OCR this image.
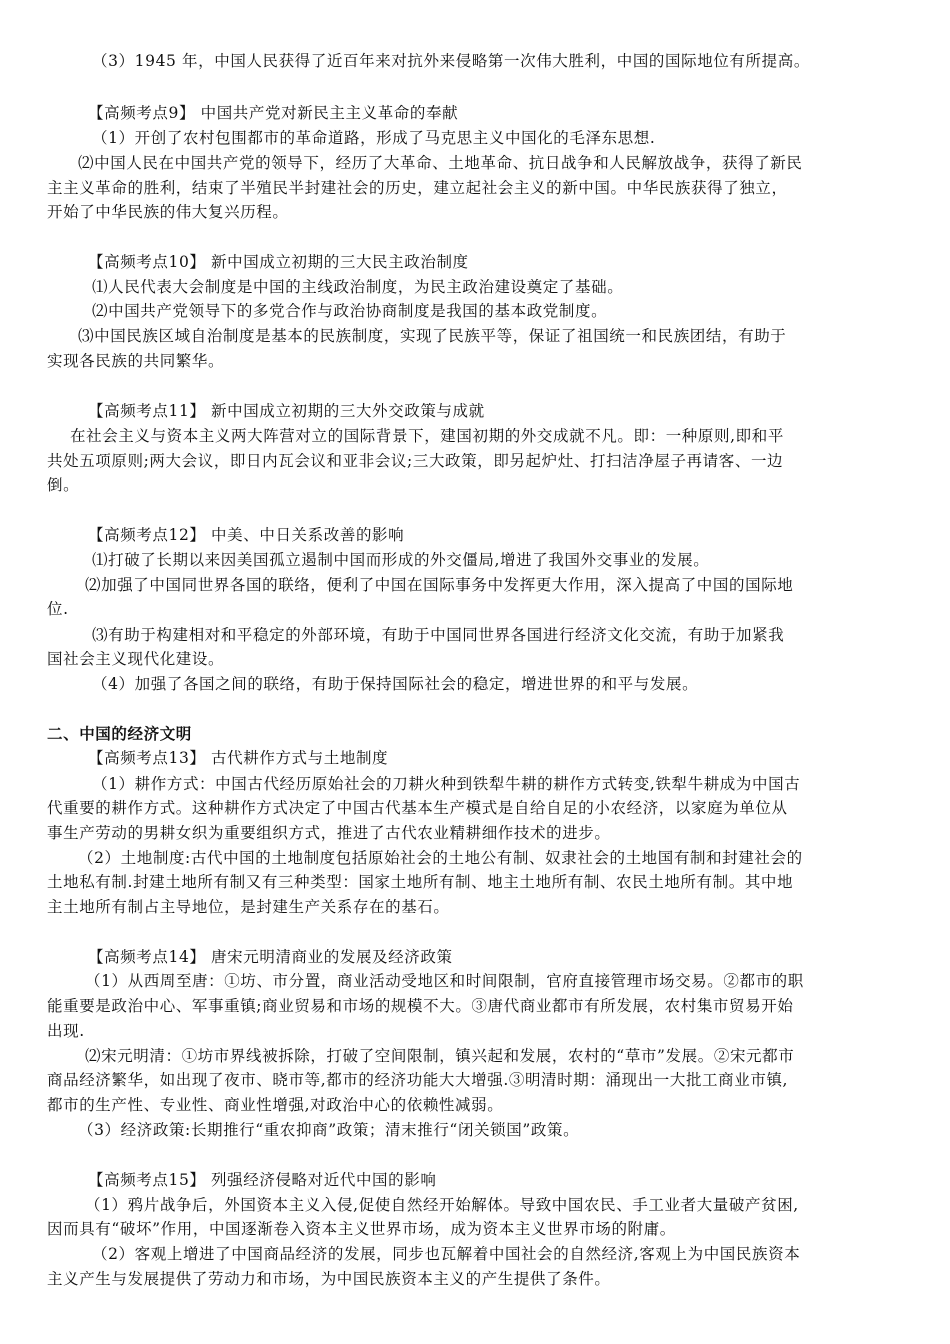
（3）1945 年，中国人民获得了近百年来对抗外来侵略第一次伟大胜利，中国的国际地位有所提高。

【高频考点9】 中国共产党对新民主主义革命的奉献

（1）开创了农村包围都市的革命道路，形成了马克思主义中国化的毛泽东思想.

⑵中国人民在中国共产党的领导下，经历了大革命、土地革命、抗日战争和人民解放战争，获得了新民

主主义革命的胜利，结束了半殖民半封建社会的历史，建立起社会主义的新中国。中华民族获得了独立，

开始了中华民族的伟大复兴历程。

【高频考点10】 新中国成立初期的三大民主政治制度

⑴人民代表大会制度是中国的主线政治制度，为民主政治建设奠定了基础。

⑵中国共产党领导下的多党合作与政治协商制度是我国的基本政党制度。

⑶中国民族区域自治制度是基本的民族制度，实现了民族平等，保证了祖国统一和民族团结，有助于

实现各民族的共同繁华。

【高频考点11】 新中国成立初期的三大外交政策与成就

在社会主义与资本主义两大阵营对立的国际背景下，建国初期的外交成就不凡。即：一种原则,即和平

共处五项原则;两大会议，即日内瓦会议和亚非会议;三大政策，即另起炉灶、打扫洁净屋子再请客、一边

倒。

【高频考点12】 中美、中日关系改善的影响

⑴打破了长期以来因美国孤立遏制中国而形成的外交僵局,增进了我国外交事业的发展。

⑵加强了中国同世界各国的联络，便利了中国在国际事务中发挥更大作用，深入提高了中国的国际地

位.

⑶有助于构建相对和平稳定的外部环境，有助于中国同世界各国进行经济文化交流，有助于加紧我

国社会主义现代化建设。

（4）加强了各国之间的联络，有助于保持国际社会的稳定，增进世界的和平与发展。

二、中国的经济文明

【高频考点13】 古代耕作方式与土地制度

（1）耕作方式：中国古代经历原始社会的刀耕火种到铁犁牛耕的耕作方式转变,铁犁牛耕成为中国古

代重要的耕作方式。这种耕作方式决定了中国古代基本生产模式是自给自足的小农经济，以家庭为单位从

事生产劳动的男耕女织为重要组织方式，推进了古代农业精耕细作技术的进步。

（2）土地制度:古代中国的土地制度包括原始社会的土地公有制、奴隶社会的土地国有制和封建社会的

土地私有制.封建土地所有制又有三种类型：国家土地所有制、地主土地所有制、农民土地所有制。其中地

主土地所有制占主导地位，是封建生产关系存在的基石。

【高频考点14】 唐宋元明清商业的发展及经济政策

（1）从西周至唐：①坊、市分置，商业活动受地区和时间限制，官府直接管理市场交易。②都市的职

能重要是政治中心、军事重镇;商业贸易和市场的规模不大。③唐代商业都市有所发展，农村集市贸易开始

出现.

⑵宋元明清：①坊市界线被拆除，打破了空间限制，镇兴起和发展，农村的“草市”发展。②宋元都市

商品经济繁华，如出现了夜市、晓市等,都市的经济功能大大增强.③明清时期：涌现出一大批工商业市镇,

都市的生产性、专业性、商业性增强,对政治中心的依赖性减弱。

（3）经济政策:长期推行“重农抑商”政策；清末推行“闭关锁国”政策。

【高频考点15】 列强经济侵略对近代中国的影响

（1）鸦片战争后，外国资本主义入侵,促使自然经开始解体。导致中国农民、手工业者大量破产贫困,

因而具有“破坏”作用，中国逐渐卷入资本主义世界市场，成为资本主义世界市场的附庸。

（2）客观上增进了中国商品经济的发展，同步也瓦解着中国社会的自然经济,客观上为中国民族资本

主义产生与发展提供了劳动力和市场，为中国民族资本主义的产生提供了条件。
